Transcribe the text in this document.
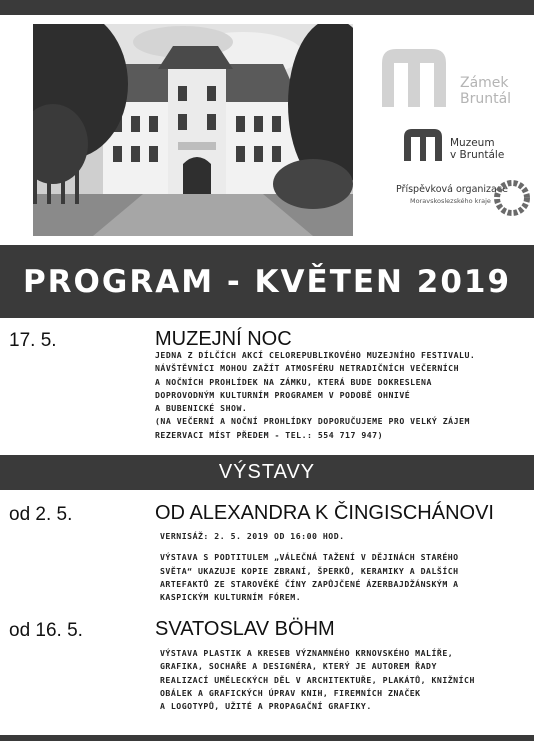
Zámek
Bruntál
Muzeum
v Bruntále
Příspěvková organizace
Moravskoslezského kraje
PROGRAM - KVĚTEN 2019
17. 5.	MUZEJNÍ NOC

JEDNA Z DÍLČÍCH AKCÍ CELOREPUBLIKOVÉHO MUZEJNÍHO FESTIVALU.

NÁVŠTĚVNÍCI MOHOU ZAŽÍT ATMOSFÉRU NETRADIČNÍCH VEČERNÍCH

A NOČNÍCH PROHLÍDEK NA ZÁMKU, KTERÁ BUDE DOKRESLENA

DOPROVODNÝM KULTURNÍM PROGRAMEM V PODOBĚ OHNIVÉ

A BUBENICKÉ SHOW.

(NA VEČERNÍ A NOČNÍ PROHLÍDKY DOPORUČUJEME PRO VELKÝ ZÁJEM

REZERVACI MÍST PŘEDEM - TEL.: 554 717 947)

VÝSTAVY
od 2. 5.	OD ALEXANDRA K ČINGISCHÁNOVI

VERNISÁŽ: 2. 5. 2019 OD 16:00 HOD.

VÝSTAVA S PODTITULEM „VÁLEČNÁ TAŽENÍ V DĚJINÁCH STARÉHO

SVĚTA“ UKAZUJE KOPIE ZBRANÍ, ŠPERKŮ, KERAMIKY A DALŠÍCH

ARTEFAKTŮ ZE STAROVĚKÉ ČÍNY ZAPŮJČENÉ ÁZERBAJDŽÁNSKÝM A

KASPICKÝM KULTURNÍM FÓREM.

od 16. 5.	SVATOSLAV BÖHM

VÝSTAVA PLASTIK A KRESEB VÝZNAMNÉHO KRNOVSKÉHO MALÍŘE,

GRAFIKA, SOCHAŘE A DESIGNÉRA, KTERÝ JE AUTOREM ŘADY

REALIZACÍ UMĚLECKÝCH DĚL V ARCHITEKTUŘE, PLAKÁTŮ, KNIŽNÍCH

OBÁLEK A GRAFICKÝCH ÚPRAV KNIH, FIREMNÍCH ZNAČEK

A LOGOTYPŮ, UŽITÉ A PROPAGAČNÍ GRAFIKY.
